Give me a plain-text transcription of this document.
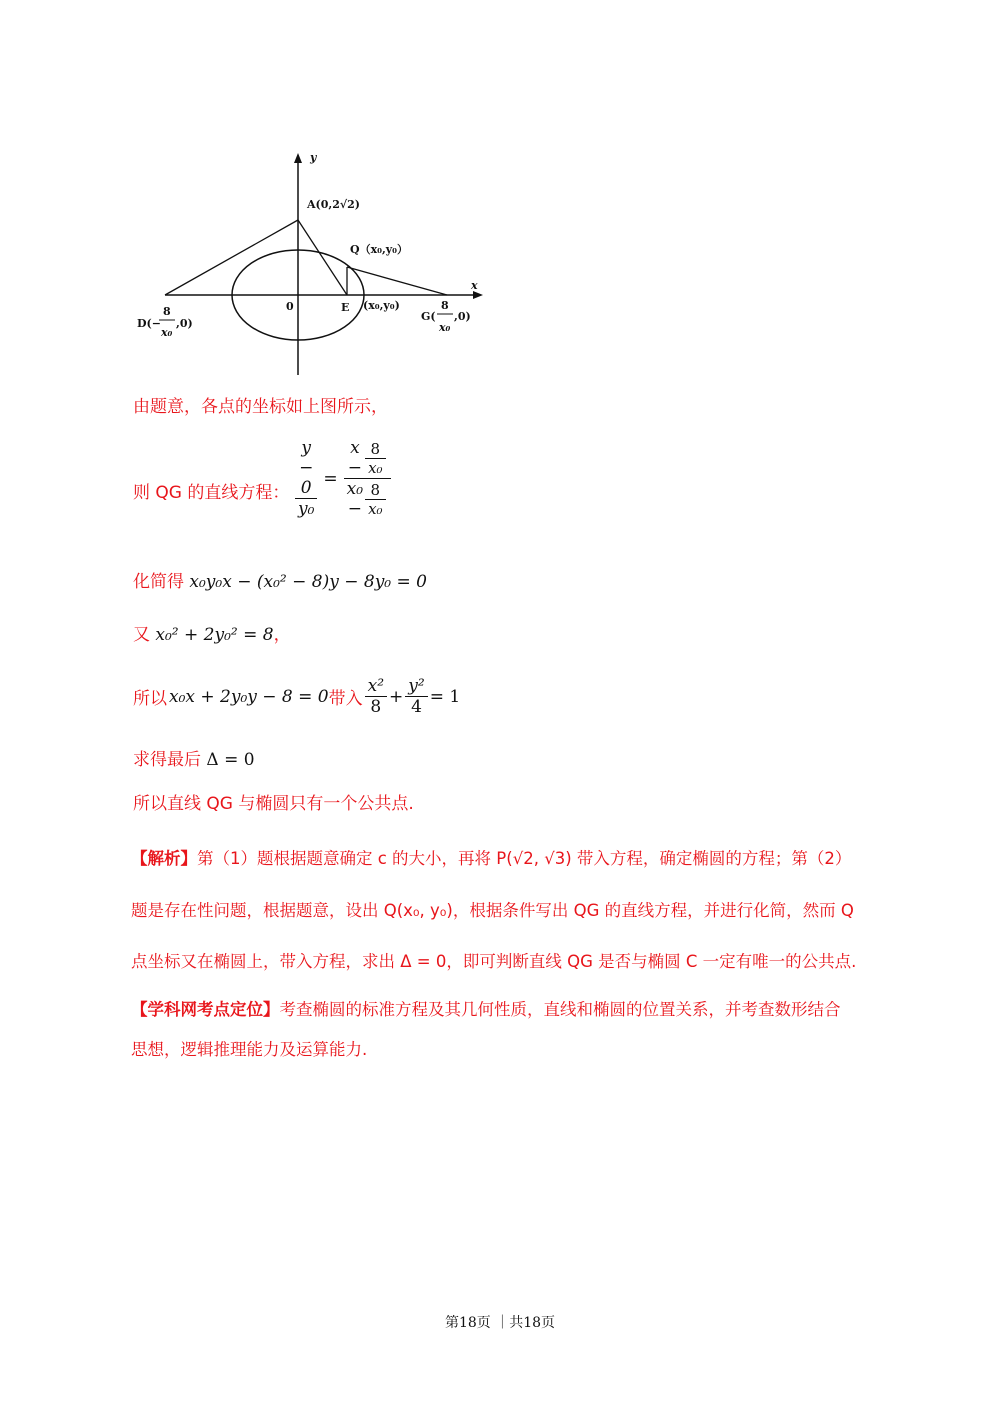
y
x
A(0,2√2)
Q（x₀,y₀）
0	E (x₀,y₀)
D(−
8
x₀
,0)
G(
8
x₀
,0)
由题意，各点的坐标如上图所示，
则 QG 的直线方程： $\frac{y - 0}{\text{y₀}} = \frac{x - \frac{8}{\text{x₀}}}{x_0 - \frac{8}{\text{x₀}}}$
化简得 x₀y₀x − (x₀² − 8)y − 8y₀ = 0
又 x₀² + 2y₀² = 8，
所以 x₀x + 2y₀y − 8 = 0 带入 $\frac{\text{x²}}{8} + \frac{\text{y²}}{4} = 1$
求得最后 Δ = 0
所以直线 QG 与椭圆只有一个公共点.
【解析】第（1）题根据题意确定 c 的大小，再将 P(√2, √3) 带入方程，确定椭圆的方程；第（2）
题是存在性问题，根据题意，设出 Q(x₀, y₀)，根据条件写出 QG 的直线方程，并进行化简，然而 Q
点坐标又在椭圆上，带入方程，求出 Δ = 0，即可判断直线 QG 是否与椭圆 C 一定有唯一的公共点.
【学科网考点定位】考查椭圆的标准方程及其几何性质，直线和椭圆的位置关系，并考查数形结合
思想，逻辑推理能力及运算能力.
第18页 ｜共18页
